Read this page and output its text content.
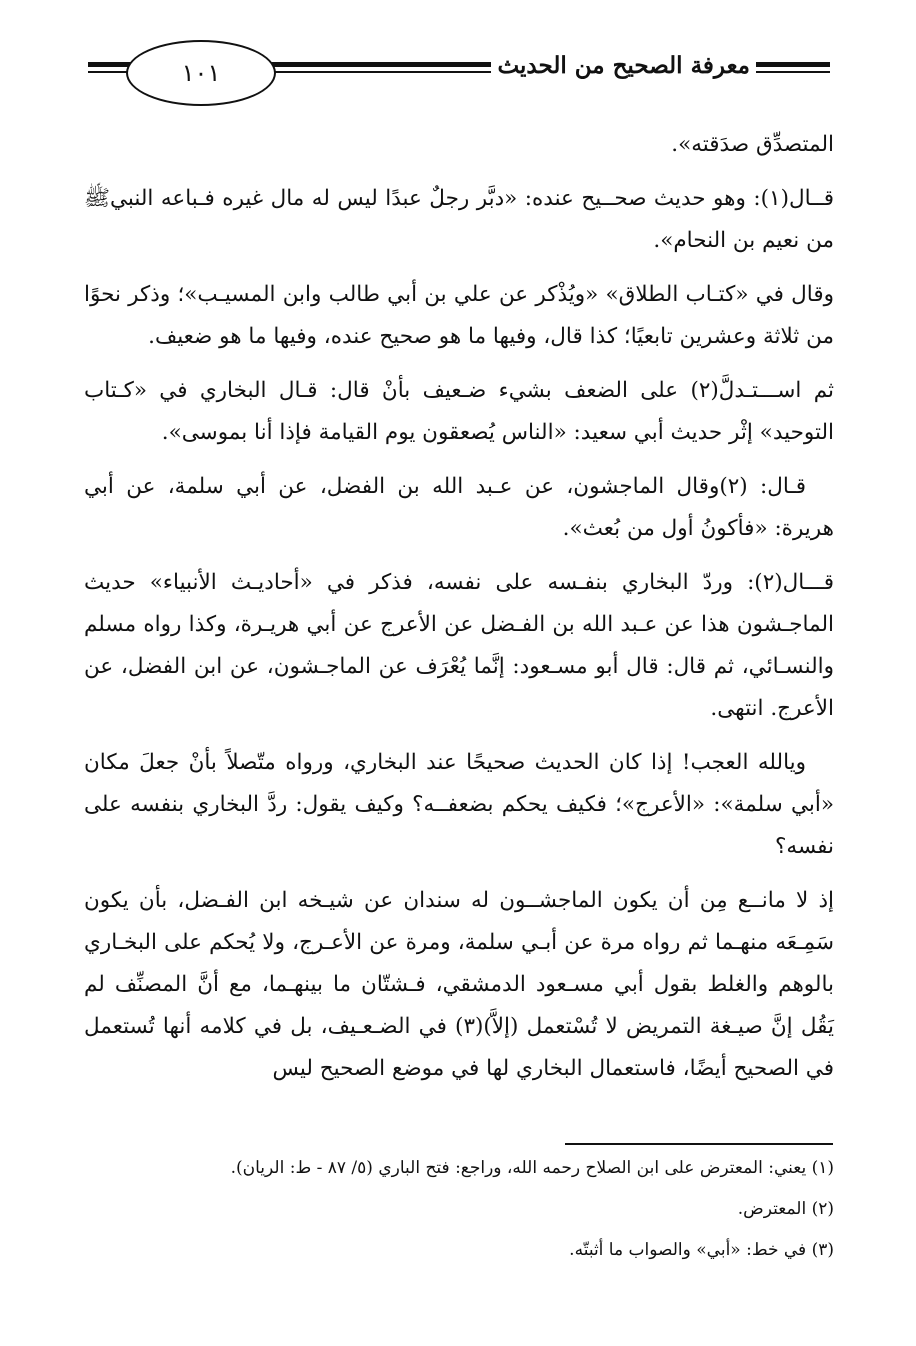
معرفة الصحيح من الحديث
١٠١

المتصدِّق صدَقته».

قــال(١): وهو حديث صحــيح عنده: «دبَّر رجلٌ عبدًا ليس له مال غيره فـباعه النبيﷺ من نعيم بن النحام».

وقال في «كتـاب الطلاق» «ويُذْكر عن علي بن أبي طالب وابن المسيـب»؛ وذكر نحوًا من ثلاثة وعشرين تابعيًا؛ كذا قال، وفيها ما هو صحيح عنده، وفيها ما هو ضعيف.

ثم اســـتـدلَّ(٢) على الضعف بشيء ضـعيف بأنْ قال: قـال البخاري في «كـتاب التوحيد» إثْر حديث أبي سعيد: «الناس يُصعقون يوم القيامة فإذا أنا بموسى».

قـال: (٢)وقال الماجشون، عن عـبد الله بن الفضل، عن أبي سلمة، عن أبي هريرة: «فأكونُ أول من بُعث».

قـــال(٢): وردّ البخاري بنفـسه على نفسه، فذكر في «أحاديـث الأنبياء» حديث الماجـشون هذا عن عـبد الله بن الفـضل عن الأعرج عن أبي هريـرة، وكذا رواه مسلم والنسـائي، ثم قال: قال أبو مسـعود: إنَّما يُعْرَف عن الماجـشون، عن ابن الفضل، عن الأعرج. انتهى.

ويالله العجب! إذا كان الحديث صحيحًا عند البخاري، ورواه متّصلاً بأنْ جعلَ مكان «أبي سلمة»: «الأعرج»؛ فكيف يحكم بضعفــه؟ وكيف يقول: ردَّ البخاري بنفسه على نفسه؟

إذ لا مانــع مِن أن يكون الماجشــون له سندان عن شيـخه ابن الفـضل، بأن يكون سَمِـعَه منهـما ثم رواه مرة عن أبـي سلمة، ومرة عن الأعـرج، ولا يُحكم على البخـاري بالوهم والغلط بقول أبي مسـعود الدمشقي، فـشتّان ما بينهـما، مع أنَّ المصنِّف لم يَقُل إنَّ صيـغة التمريض لا تُسْتعمل (إلاَّ)(٣) في الضـعـيف، بل في كلامه أنها تُستعمل في الصحيح أيضًا، فاستعمال البخاري لها في موضع الصحيح ليس

(١) يعني: المعترض على ابن الصلاح رحمه الله، وراجع: فتح الباري (٥/ ٨٧ - ط: الريان).
(٢) المعترض.
(٣) في خط: «أبي» والصواب ما أثبتّه.
